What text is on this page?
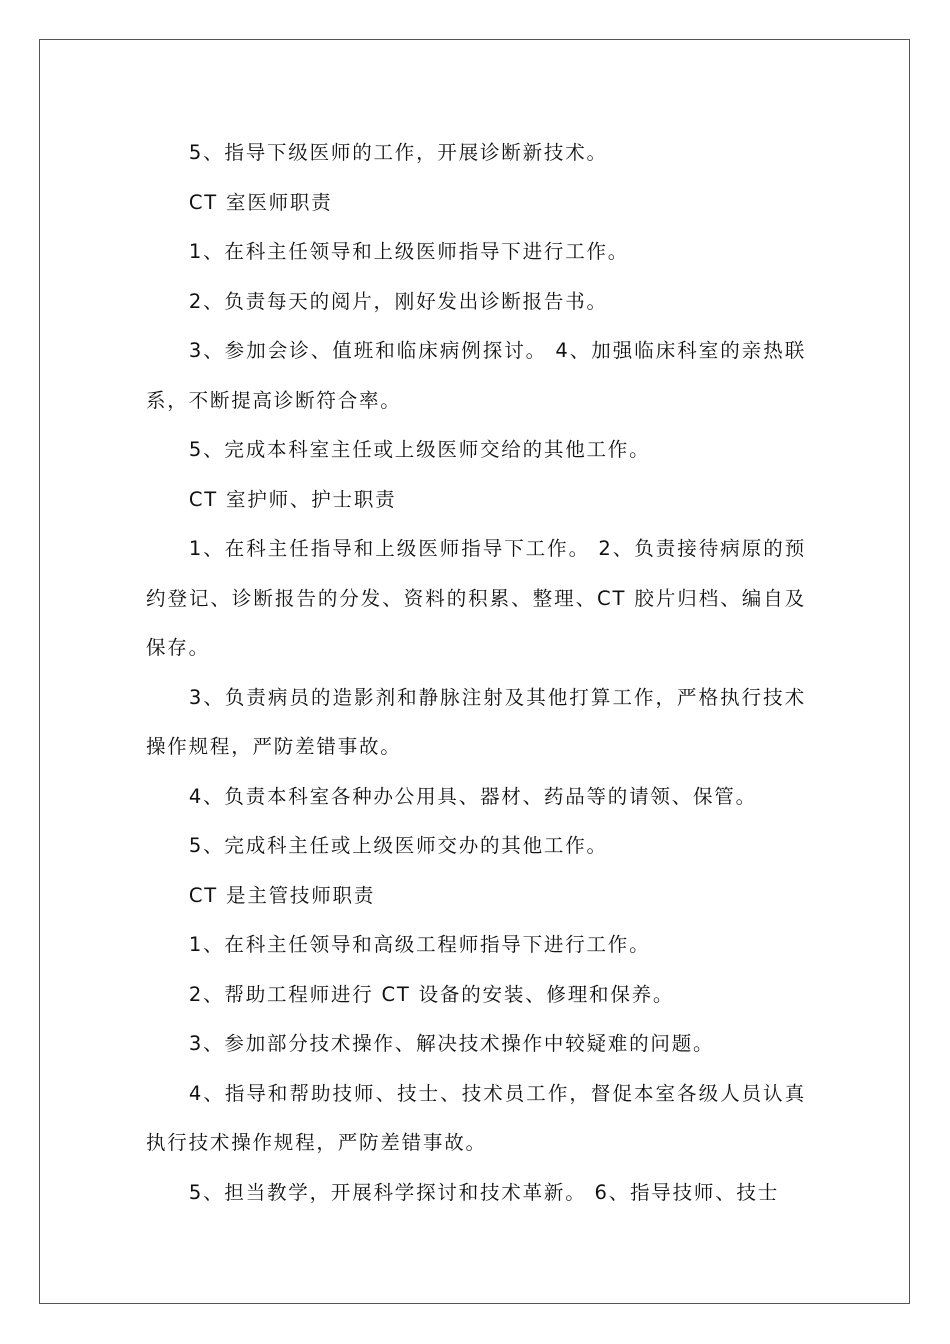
5、指导下级医师的工作，开展诊断新技术。

CT 室医师职责

1、在科主任领导和上级医师指导下进行工作。

2、负责每天的阅片，刚好发出诊断报告书。

3、参加会诊、值班和临床病例探讨。 4、加强临床科室的亲热联系，不断提高诊断符合率。

5、完成本科室主任或上级医师交给的其他工作。

CT 室护师、护士职责

1、在科主任指导和上级医师指导下工作。 2、负责接待病原的预约登记、诊断报告的分发、资料的积累、整理、CT 胶片归档、编自及保存。

3、负责病员的造影剂和静脉注射及其他打算工作，严格执行技术操作规程，严防差错事故。

4、负责本科室各种办公用具、器材、药品等的请领、保管。

5、完成科主任或上级医师交办的其他工作。

CT 是主管技师职责

1、在科主任领导和高级工程师指导下进行工作。

2、帮助工程师进行 CT 设备的安装、修理和保养。

3、参加部分技术操作、解决技术操作中较疑难的问题。

4、指导和帮助技师、技士、技术员工作，督促本室各级人员认真执行技术操作规程，严防差错事故。

5、担当教学，开展科学探讨和技术革新。 6、指导技师、技士
